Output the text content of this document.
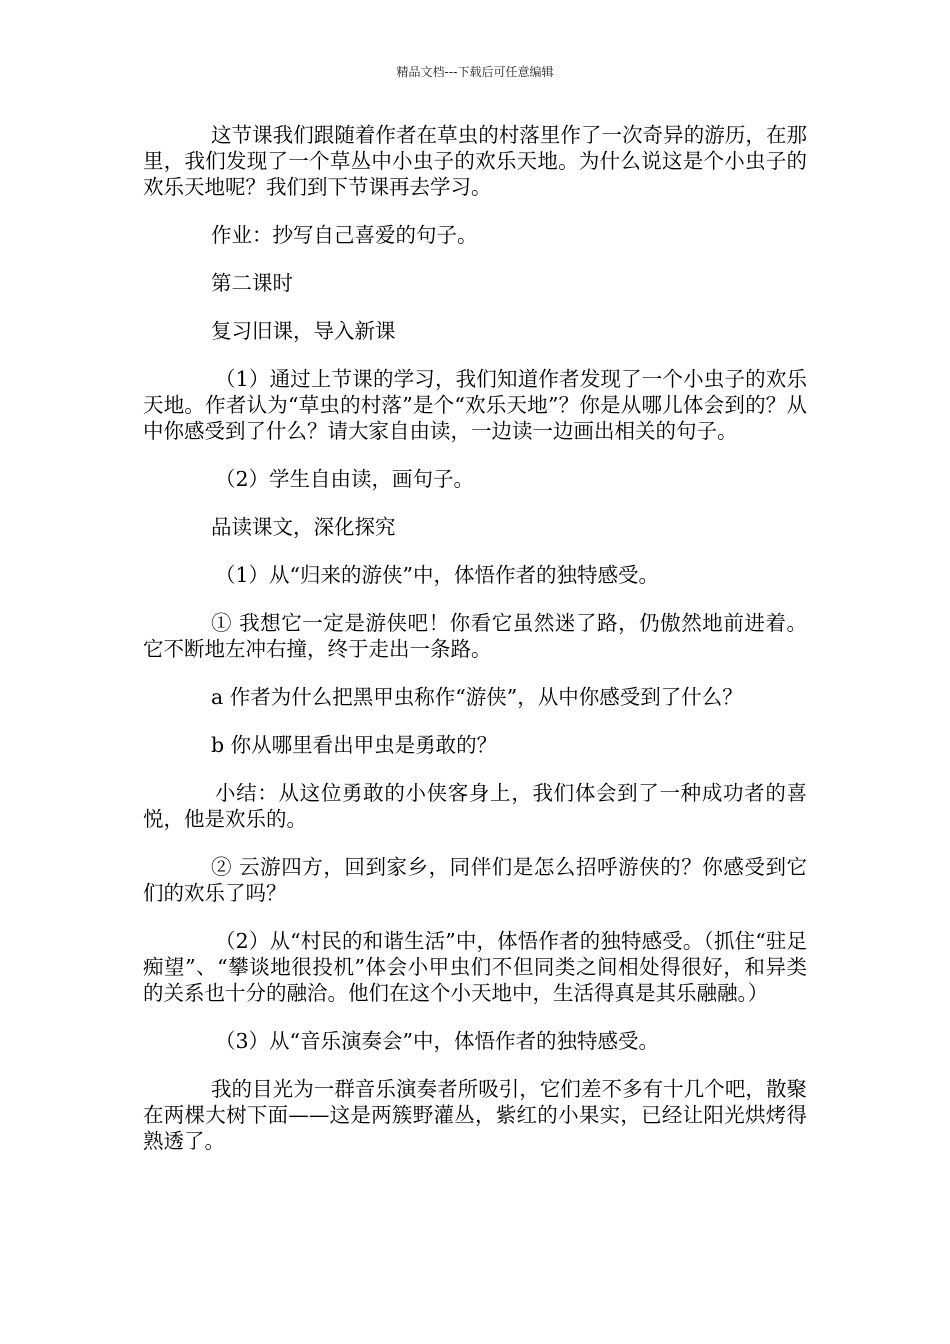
精品文档---下载后可任意编辑

这节课我们跟随着作者在草虫的村落里作了一次奇异的游历，在那里，我们发现了一个草丛中小虫子的欢乐天地。为什么说这是个小虫子的欢乐天地呢？我们到下节课再去学习。

作业：抄写自己喜爱的句子。

第二课时

复习旧课，导入新课

（1）通过上节课的学习，我们知道作者发现了一个小虫子的欢乐天地。作者认为“草虫的村落”是个“欢乐天地”？你是从哪儿体会到的？从中你感受到了什么？请大家自由读，一边读一边画出相关的句子。

（2）学生自由读，画句子。

品读课文，深化探究

（1）从“归来的游侠”中，体悟作者的独特感受。

① 我想它一定是游侠吧！你看它虽然迷了路，仍傲然地前进着。它不断地左冲右撞，终于走出一条路。

a 作者为什么把黑甲虫称作“游侠”，从中你感受到了什么？

b 你从哪里看出甲虫是勇敢的？

小结：从这位勇敢的小侠客身上，我们体会到了一种成功者的喜悦，他是欢乐的。

② 云游四方，回到家乡，同伴们是怎么招呼游侠的？你感受到它们的欢乐了吗？

（2）从“村民的和谐生活”中，体悟作者的独特感受。（抓住“驻足痴望”、“攀谈地很投机”体会小甲虫们不但同类之间相处得很好，和异类的关系也十分的融洽。他们在这个小天地中，生活得真是其乐融融。）

（3）从“音乐演奏会”中，体悟作者的独特感受。

我的目光为一群音乐演奏者所吸引，它们差不多有十几个吧，散聚在两棵大树下面——这是两簇野灌丛，紫红的小果实，已经让阳光烘烤得熟透了。
